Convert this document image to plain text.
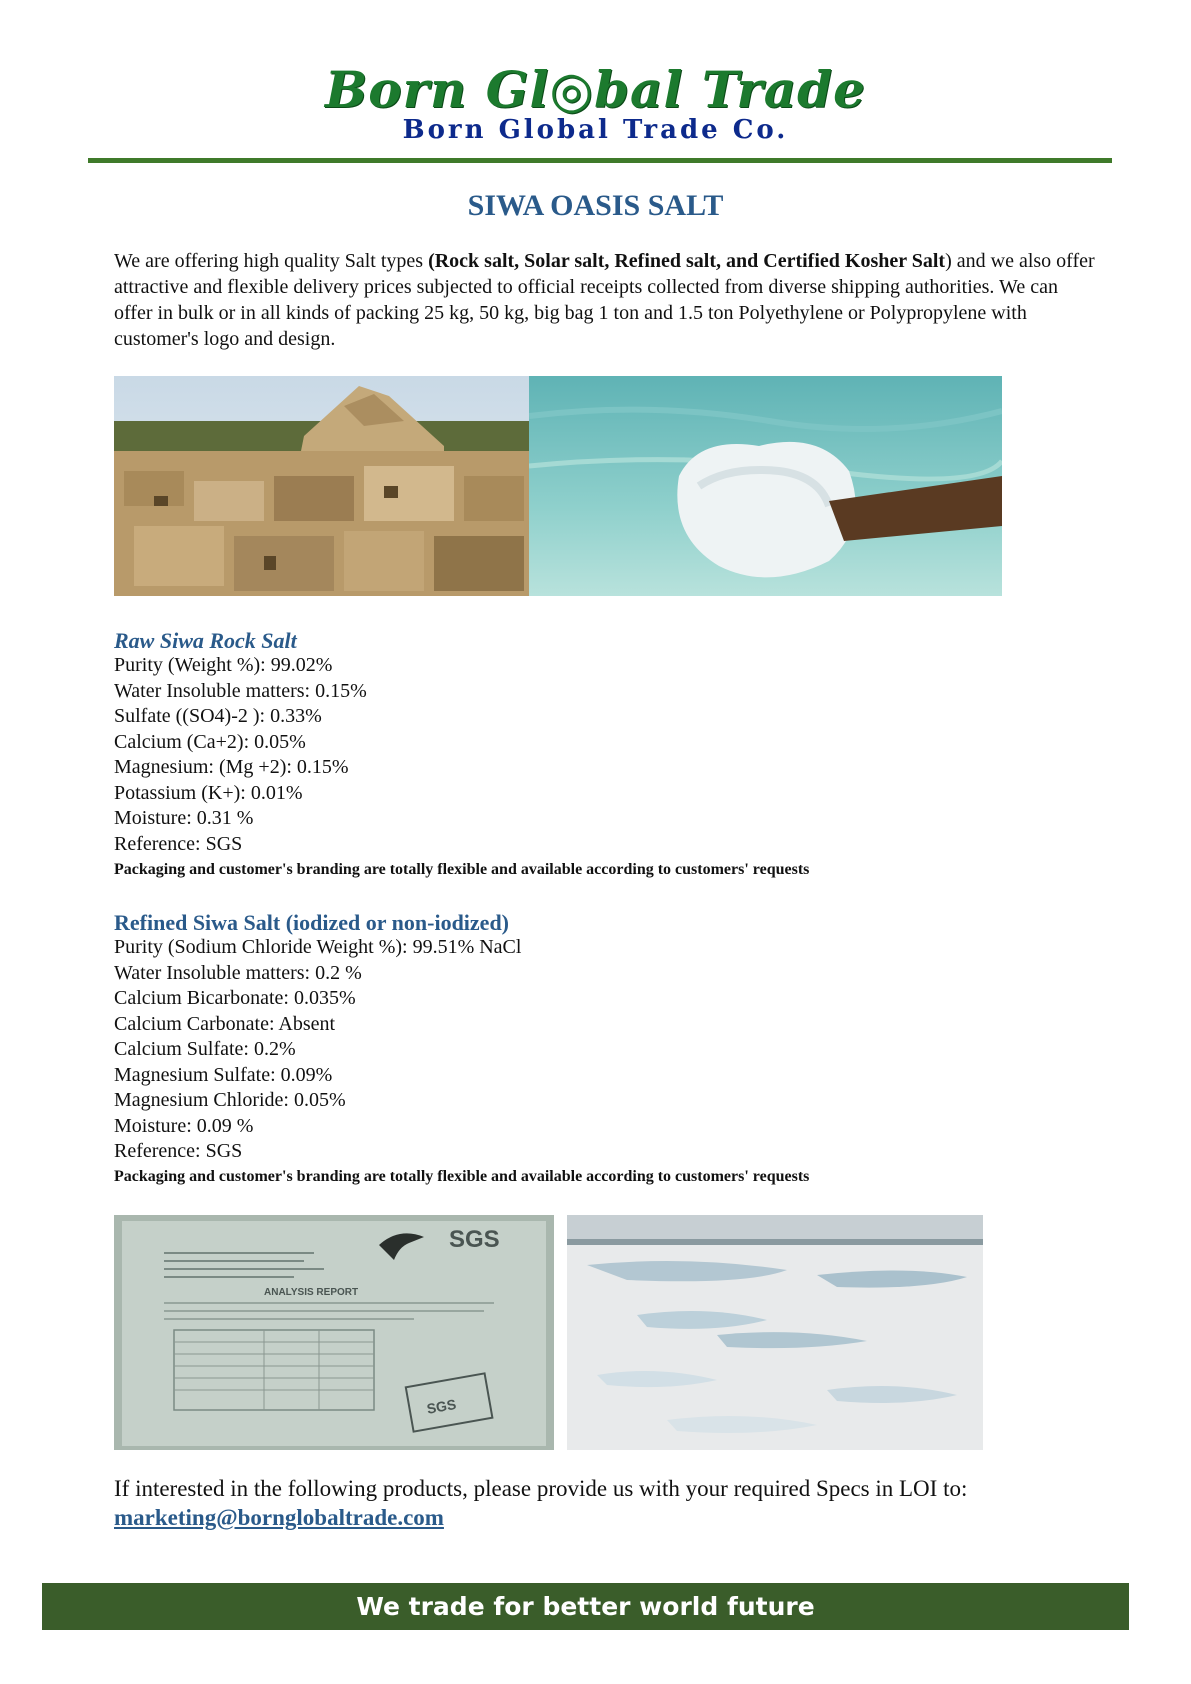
Born Gl◎bal Trade
Born Global Trade Co.
SIWA OASIS SALT

We are offering high quality Salt types (Rock salt, Solar salt, Refined salt, and Certified Kosher Salt) and we also offer attractive and flexible delivery prices subjected to official receipts collected from diverse shipping authorities. We can offer in bulk or in all kinds of packing 25 kg, 50 kg, big bag 1 ton and 1.5 ton Polyethylene or Polypropylene with customer's logo and design.

Raw Siwa Rock Salt
Purity (Weight %): 99.02%
Water Insoluble matters: 0.15%
Sulfate ((SO4)-2 ): 0.33%
Calcium (Ca+2): 0.05%
Magnesium: (Mg +2): 0.15%
Potassium (K+): 0.01%
Moisture: 0.31 %
Reference: SGS
Packaging and customer's branding are totally flexible and available according to customers' requests
Refined Siwa Salt (iodized or non-iodized)
Purity (Sodium Chloride Weight %): 99.51% NaCl
Water Insoluble matters: 0.2 %
Calcium Bicarbonate: 0.035%
Calcium Carbonate: Absent
Calcium Sulfate: 0.2%
Magnesium Sulfate: 0.09%
Magnesium Chloride: 0.05%
Moisture: 0.09 %
Reference: SGS
Packaging and customer's branding are totally flexible and available according to customers' requests
SGS
ANALYSIS REPORT
SGS
If interested in the following products, please provide us with your required Specs in LOI to:
marketing@bornglobaltrade.com
We trade for better world future
